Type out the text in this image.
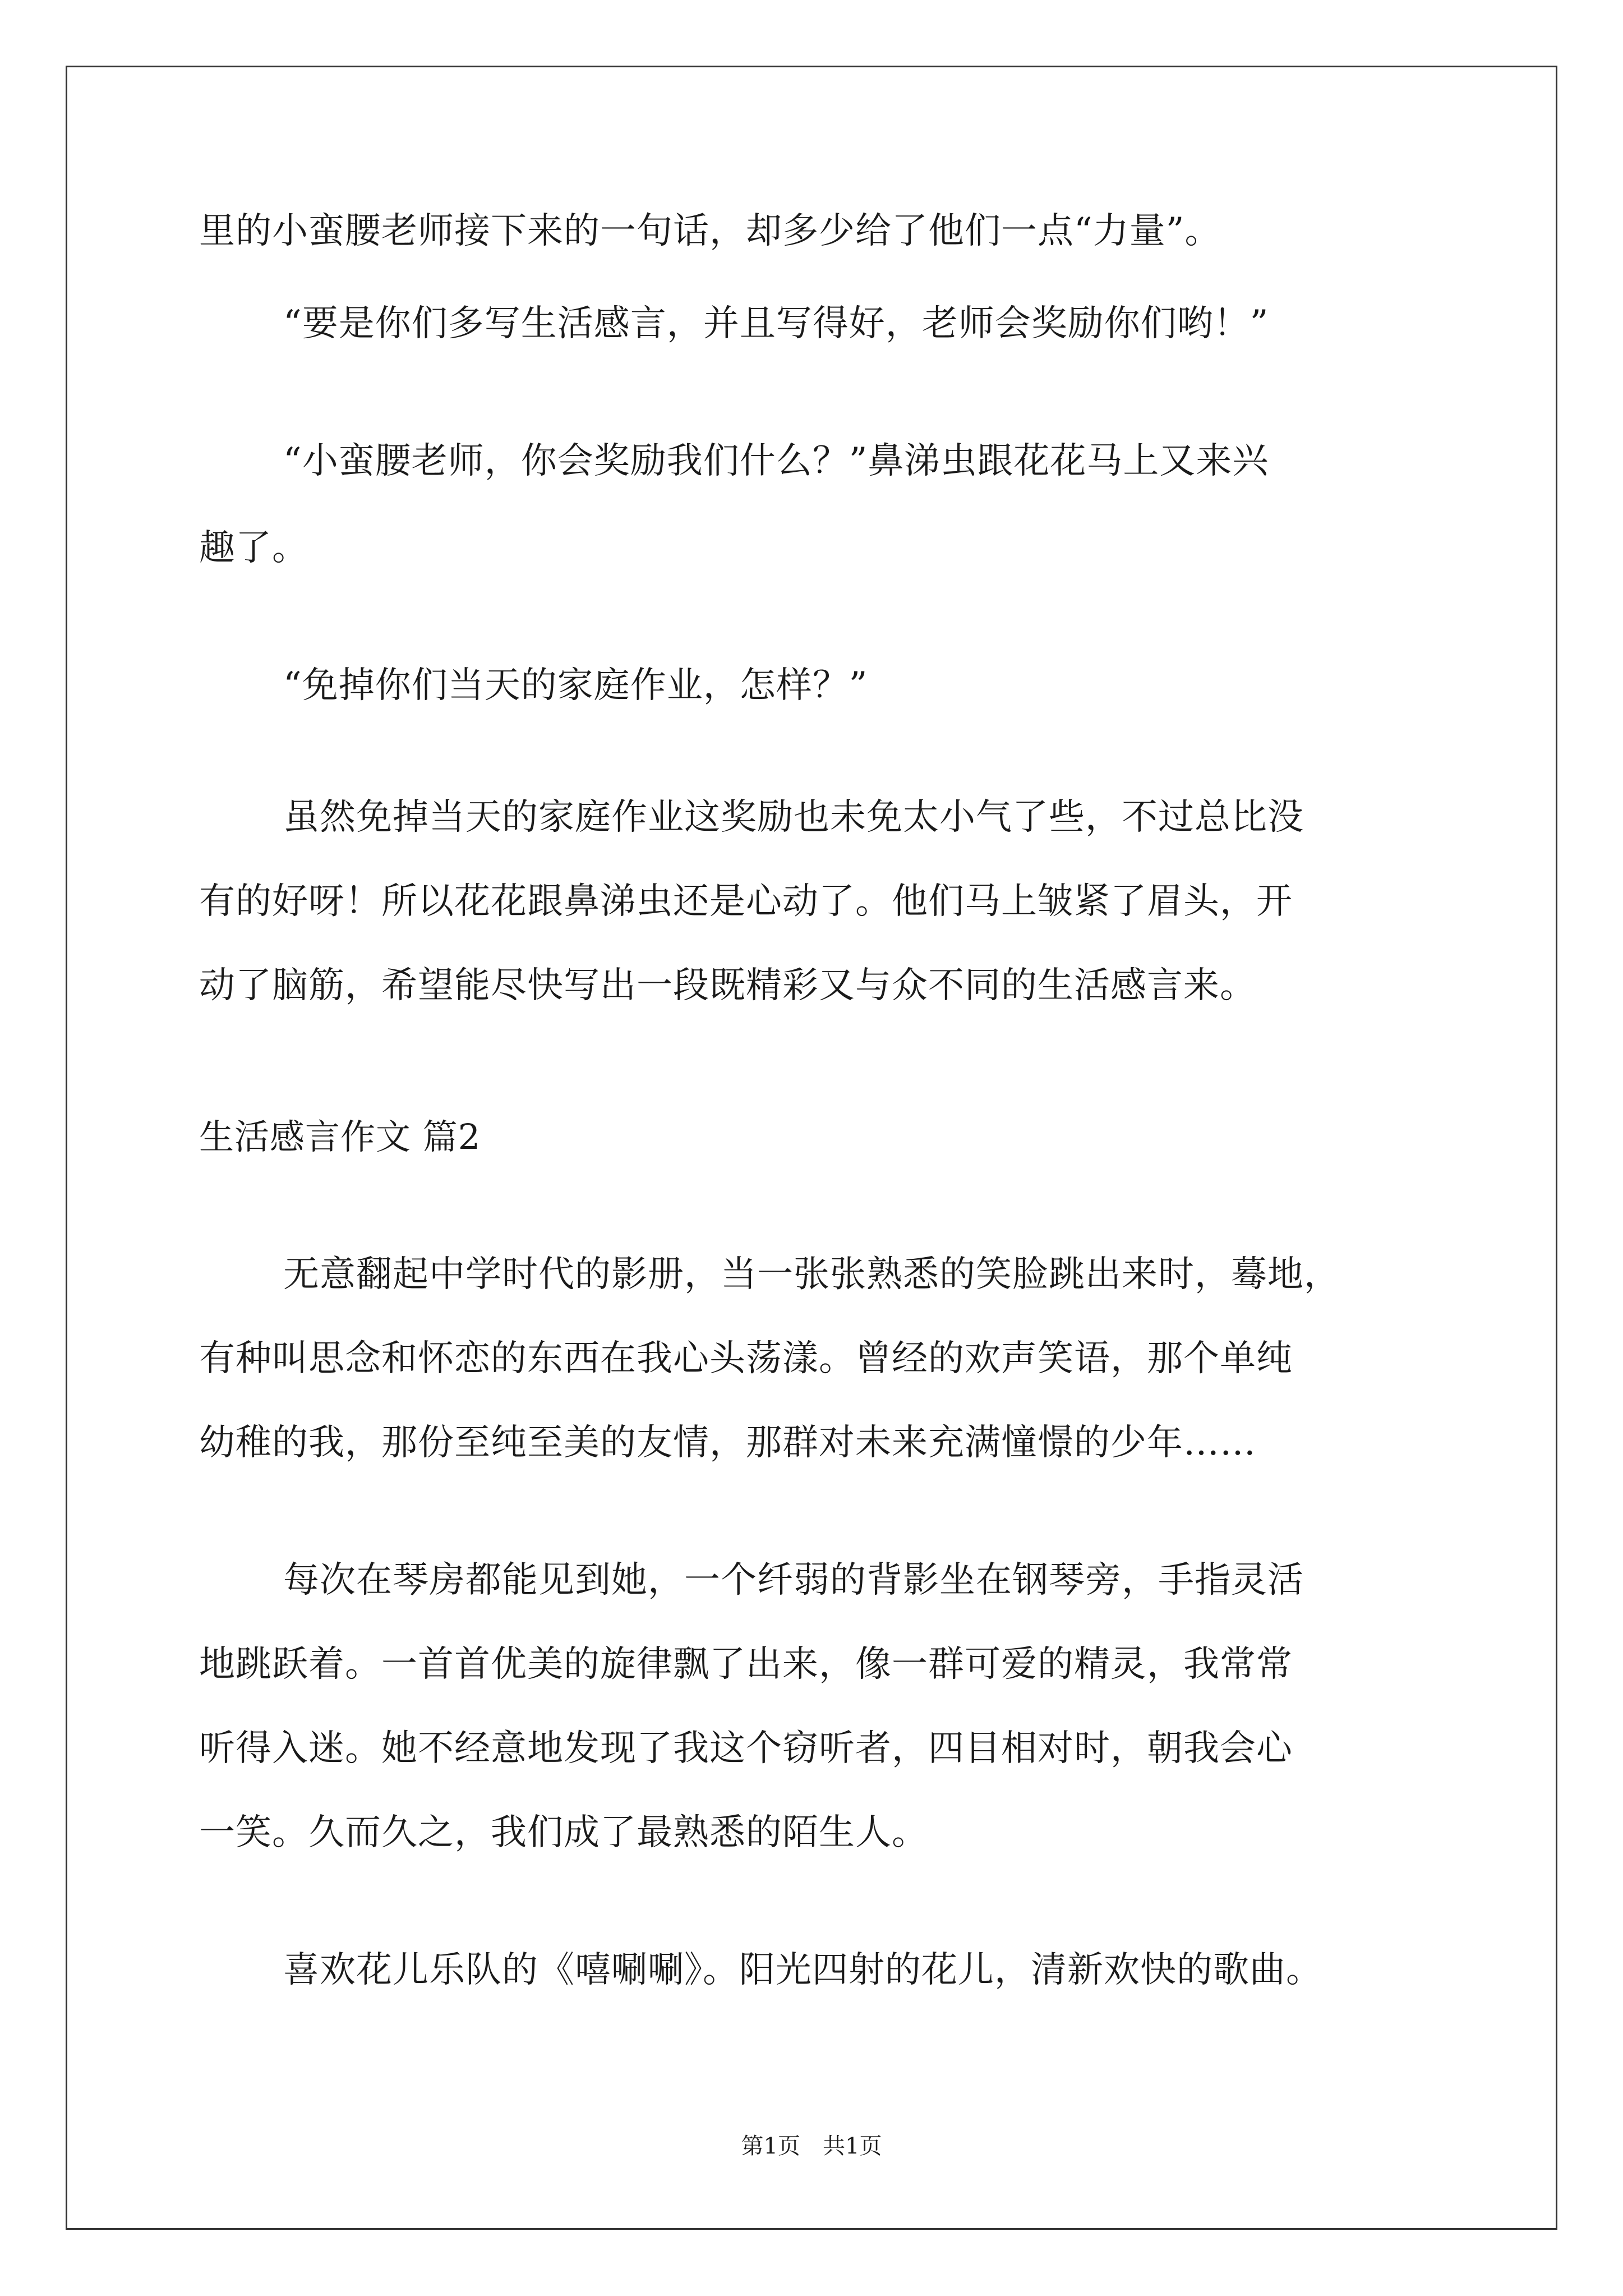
里的小蛮腰老师接下来的一句话，却多少给了他们一点“力量”。
“要是你们多写生活感言，并且写得好，老师会奖励你们哟！”
“小蛮腰老师，你会奖励我们什么？”鼻涕虫跟花花马上又来兴
趣了。
“免掉你们当天的家庭作业，怎样？”
虽然免掉当天的家庭作业这奖励也未免太小气了些，不过总比没
有的好呀！所以花花跟鼻涕虫还是心动了。他们马上皱紧了眉头，开
动了脑筋，希望能尽快写出一段既精彩又与众不同的生活感言来。
生活感言作文 篇2
无意翻起中学时代的影册，当一张张熟悉的笑脸跳出来时，蓦地，
有种叫思念和怀恋的东西在我心头荡漾。曾经的欢声笑语，那个单纯
幼稚的我，那份至纯至美的友情，那群对未来充满憧憬的少年……
每次在琴房都能见到她，一个纤弱的背影坐在钢琴旁，手指灵活
地跳跃着。一首首优美的旋律飘了出来，像一群可爱的精灵，我常常
听得入迷。她不经意地发现了我这个窃听者，四目相对时，朝我会心
一笑。久而久之，我们成了最熟悉的陌生人。
喜欢花儿乐队的《嘻唰唰》。阳光四射的花儿，清新欢快的歌曲。
第1页 共1页
